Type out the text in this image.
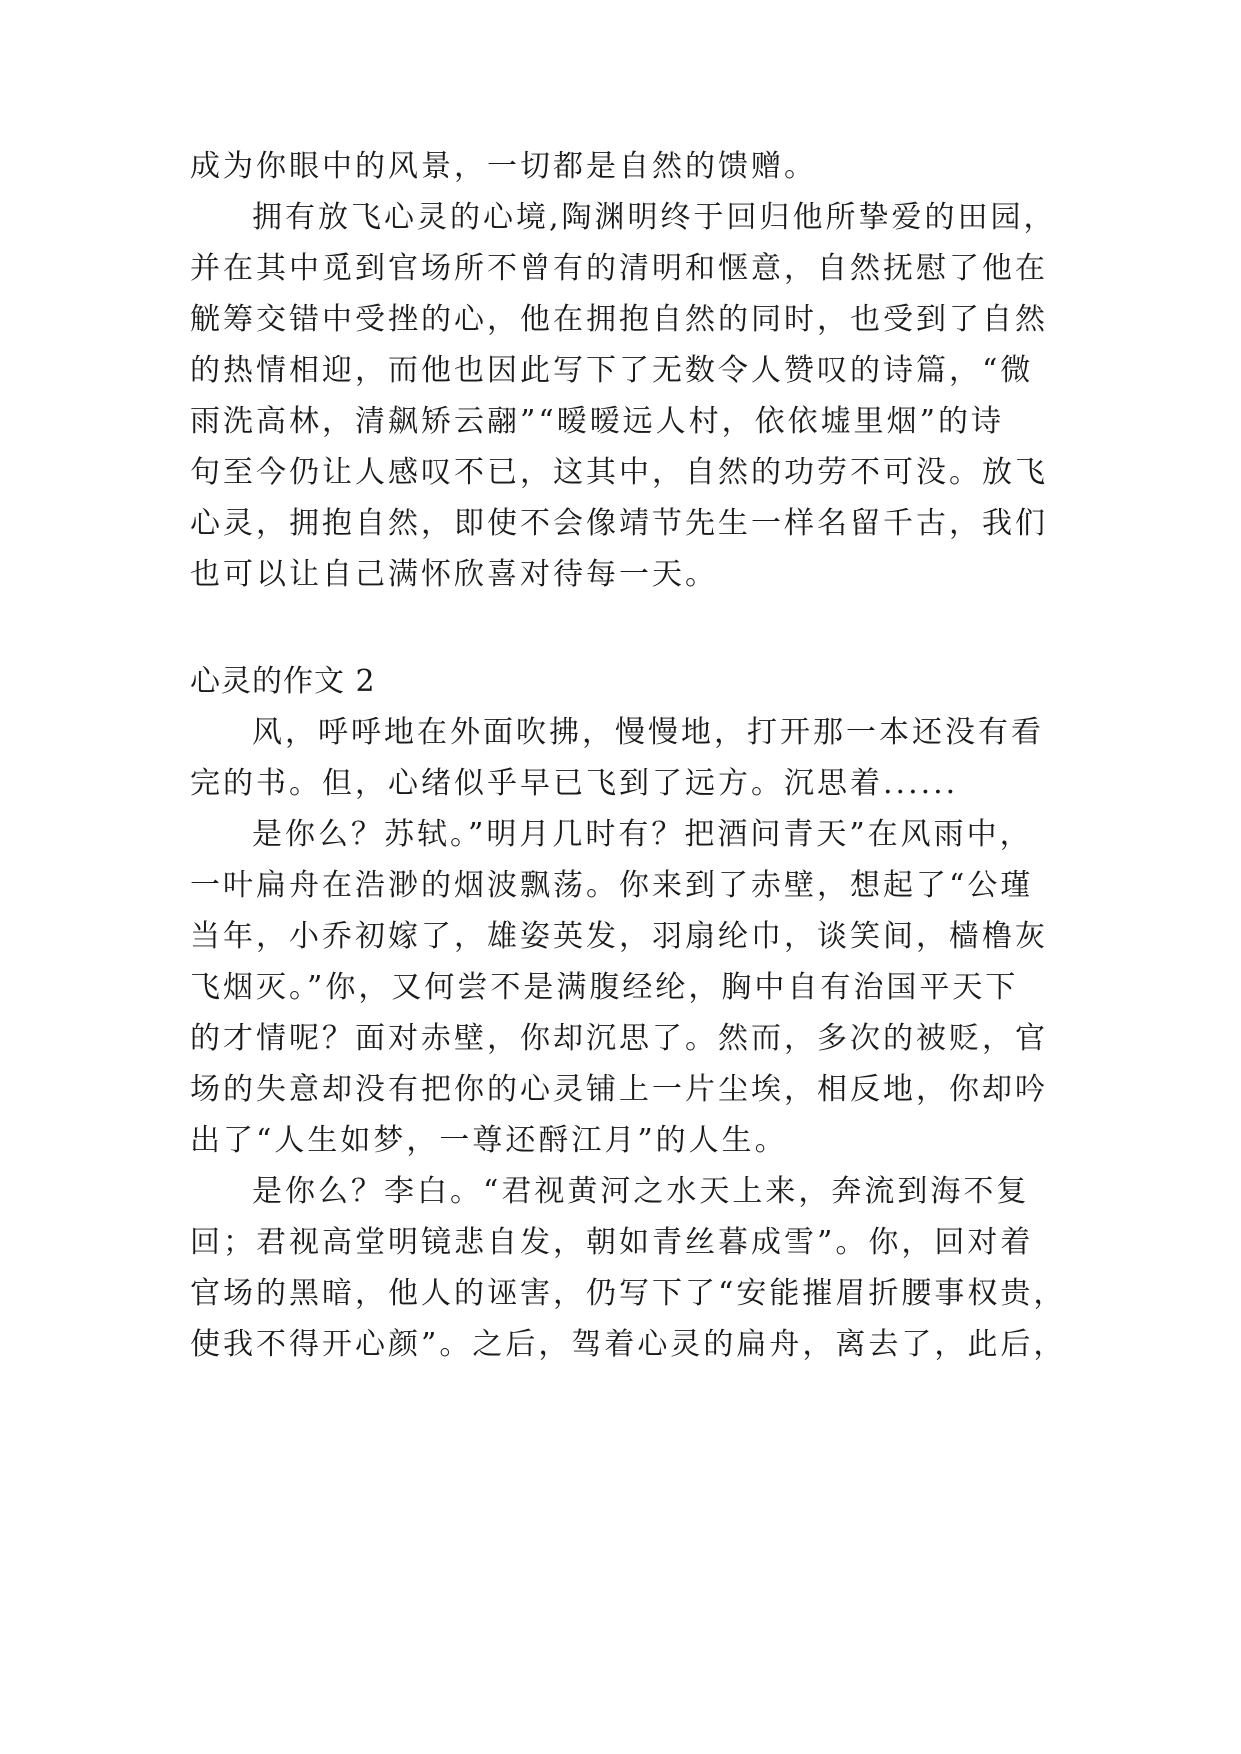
成为你眼中的风景，一切都是自然的馈赠。
拥有放飞心灵的心境,陶渊明终于回归他所挚爱的田园，
并在其中觅到官场所不曾有的清明和惬意，自然抚慰了他在
觥筹交错中受挫的心，他在拥抱自然的同时，也受到了自然
的热情相迎，而他也因此写下了无数令人赞叹的诗篇，“微
雨洗高林，清飙矫云翮”“暧暧远人村，依依墟里烟”的诗
句至今仍让人感叹不已，这其中，自然的功劳不可没。放飞
心灵，拥抱自然，即使不会像靖节先生一样名留千古，我们
也可以让自己满怀欣喜对待每一天。
心灵的作文 2
风，呼呼地在外面吹拂，慢慢地，打开那一本还没有看
完的书。但，心绪似乎早已飞到了远方。沉思着......
是你么？苏轼。”明月几时有？把酒问青天”在风雨中，
一叶扁舟在浩渺的烟波飘荡。你来到了赤壁，想起了“公瑾
当年，小乔初嫁了，雄姿英发，羽扇纶巾，谈笑间，樯橹灰
飞烟灭。”你，又何尝不是满腹经纶，胸中自有治国平天下
的才情呢？面对赤壁，你却沉思了。然而，多次的被贬，官
场的失意却没有把你的心灵铺上一片尘埃，相反地，你却吟
出了“人生如梦，一尊还酹江月”的人生。
是你么？李白。“君视黄河之水天上来，奔流到海不复
回；君视高堂明镜悲自发，朝如青丝暮成雪”。你，回对着
官场的黑暗，他人的诬害，仍写下了“安能摧眉折腰事权贵，
使我不得开心颜”。之后，驾着心灵的扁舟，离去了，此后，
